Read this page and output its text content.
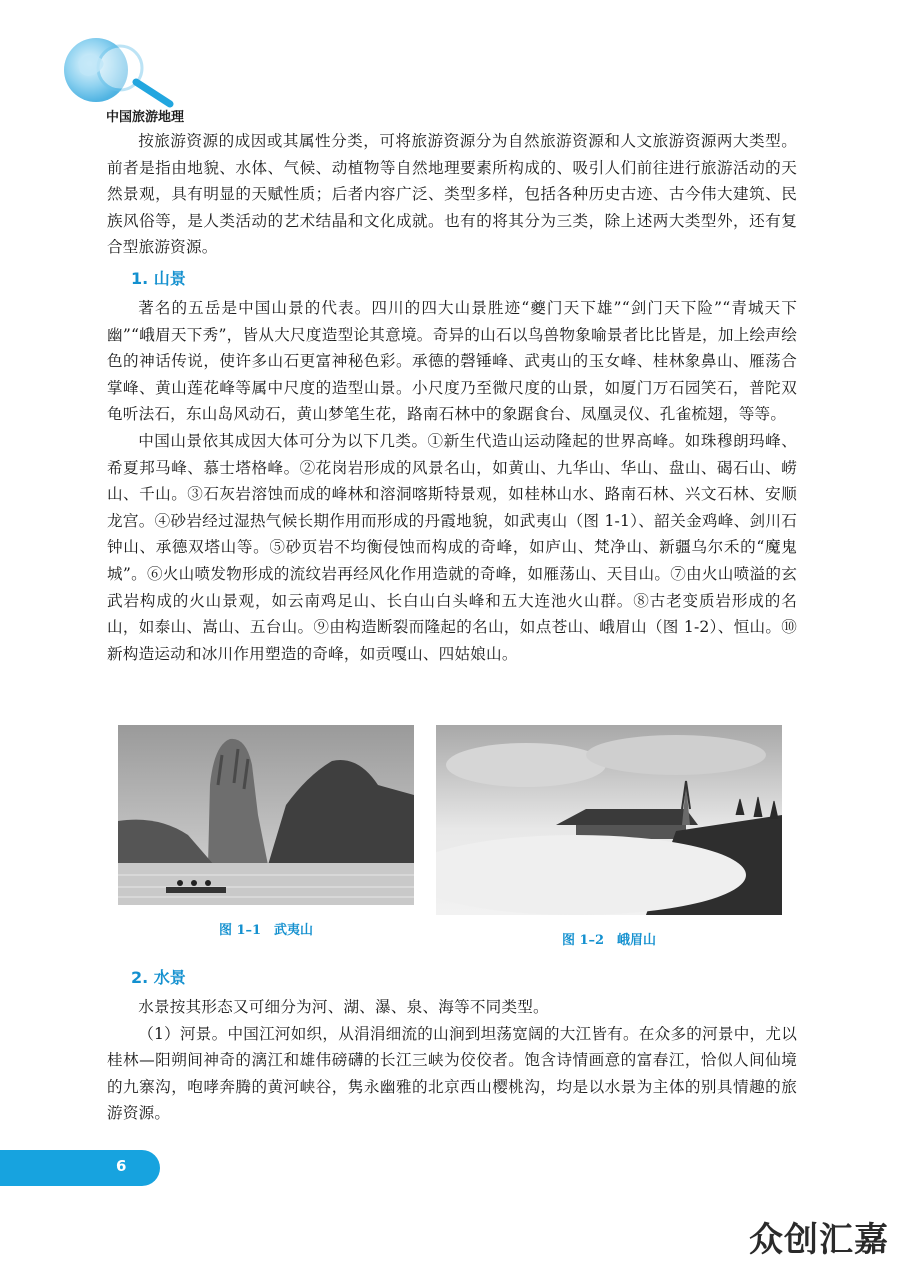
中国旅游地理

按旅游资源的成因或其属性分类，可将旅游资源分为自然旅游资源和人文旅游资源两大类型。前者是指由地貌、水体、气候、动植物等自然地理要素所构成的、吸引人们前往进行旅游活动的天然景观，具有明显的天赋性质；后者内容广泛、类型多样，包括各种历史古迹、古今伟大建筑、民族风俗等，是人类活动的艺术结晶和文化成就。也有的将其分为三类，除上述两大类型外，还有复合型旅游资源。

1. 山景

著名的五岳是中国山景的代表。四川的四大山景胜迹“夔门天下雄”“剑门天下险”“青城天下幽”“峨眉天下秀”，皆从大尺度造型论其意境。奇异的山石以鸟兽物象喻景者比比皆是，加上绘声绘色的神话传说，使许多山石更富神秘色彩。承德的磬锤峰、武夷山的玉女峰、桂林象鼻山、雁荡合掌峰、黄山莲花峰等属中尺度的造型山景。小尺度乃至微尺度的山景，如厦门万石园笑石，普陀双龟听法石，东山岛风动石，黄山梦笔生花，路南石林中的象踞食台、凤凰灵仪、孔雀梳翅，等等。

中国山景依其成因大体可分为以下几类。①新生代造山运动隆起的世界高峰。如珠穆朗玛峰、希夏邦马峰、慕士塔格峰。②花岗岩形成的风景名山，如黄山、九华山、华山、盘山、碣石山、崂山、千山。③石灰岩溶蚀而成的峰林和溶洞喀斯特景观，如桂林山水、路南石林、兴文石林、安顺龙宫。④砂岩经过湿热气候长期作用而形成的丹霞地貌，如武夷山（图 1-1）、韶关金鸡峰、剑川石钟山、承德双塔山等。⑤砂页岩不均衡侵蚀而构成的奇峰，如庐山、梵净山、新疆乌尔禾的“魔鬼城”。⑥火山喷发物形成的流纹岩再经风化作用造就的奇峰，如雁荡山、天目山。⑦由火山喷溢的玄武岩构成的火山景观，如云南鸡足山、长白山白头峰和五大连池火山群。⑧古老变质岩形成的名山，如泰山、嵩山、五台山。⑨由构造断裂而隆起的名山，如点苍山、峨眉山（图 1-2）、恒山。⑩新构造运动和冰川作用塑造的奇峰，如贡嘎山、四姑娘山。

图 1–1　武夷山
图 1–2　峨眉山
2. 水景

水景按其形态又可细分为河、湖、瀑、泉、海等不同类型。

（1）河景。中国江河如织，从涓涓细流的山涧到坦荡宽阔的大江皆有。在众多的河景中，尤以桂林—阳朔间神奇的漓江和雄伟磅礴的长江三峡为佼佼者。饱含诗情画意的富春江，恰似人间仙境的九寨沟，咆哮奔腾的黄河峡谷，隽永幽雅的北京西山樱桃沟，均是以水景为主体的别具情趣的旅游资源。

6
众创汇嘉
